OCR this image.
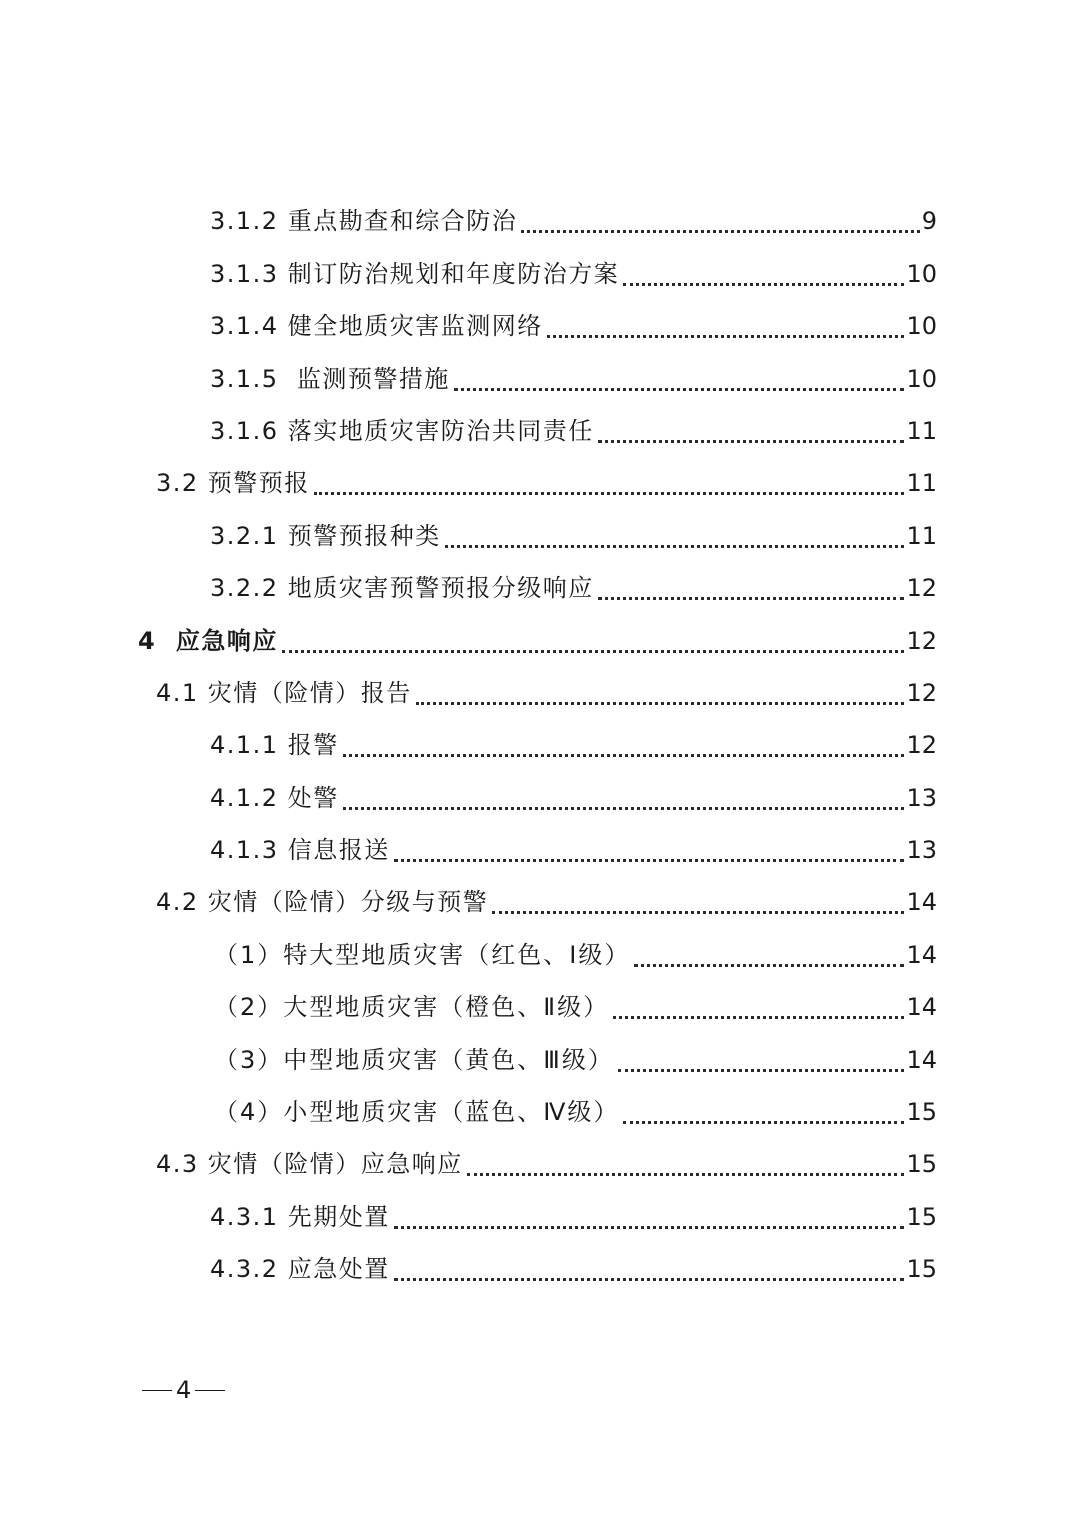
3.1.2 重点勘查和综合防治	9
3.1.3 制订防治规划和年度防治方案	10
3.1.4 健全地质灾害监测网络	10
3.1.5  监测预警措施	10
3.1.6 落实地质灾害防治共同责任	11
3.2 预警预报	11
3.2.1 预警预报种类	11
3.2.2 地质灾害预警预报分级响应	12
4  应急响应	12
4.1 灾情（险情）报告	12
4.1.1 报警	12
4.1.2 处警	13
4.1.3 信息报送	13
4.2 灾情（险情）分级与预警	14
（1）特大型地质灾害（红色、Ⅰ级）	14
（2）大型地质灾害（橙色、Ⅱ级）	14
（3）中型地质灾害（黄色、Ⅲ级）	14
（4）小型地质灾害（蓝色、Ⅳ级）	15
4.3 灾情（险情）应急响应	15
4.3.1 先期处置	15
4.3.2 应急处置	15
4
